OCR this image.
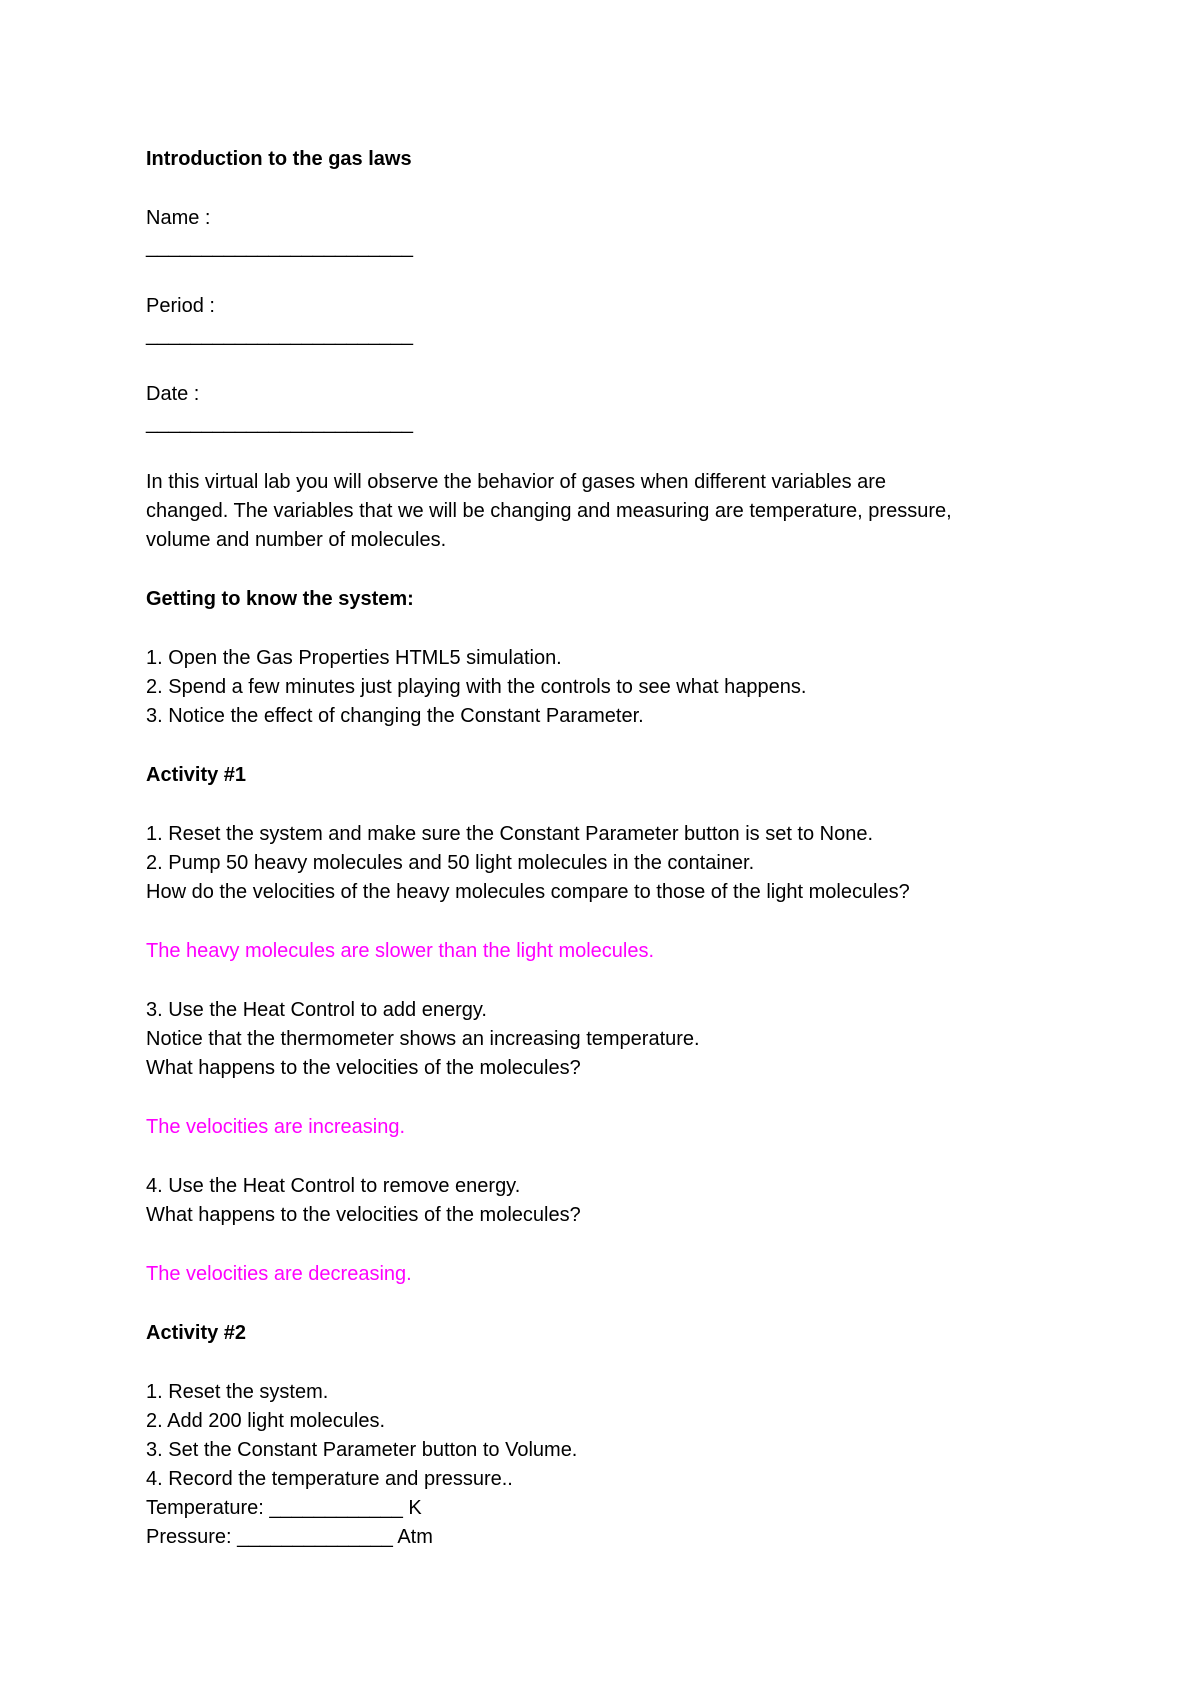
Introduction to the gas laws

Name :

________________________

Period :

________________________

Date :

________________________

In this virtual lab you will observe the behavior of gases when different variables are

changed. The variables that we will be changing and measuring are temperature, pressure,

volume and number of molecules.

Getting to know the system:

1. Open the Gas Properties HTML5 simulation.

2. Spend a few minutes just playing with the controls to see what happens.

3. Notice the effect of changing the Constant Parameter.

Activity #1

1. Reset the system and make sure the Constant Parameter button is set to None.

2. Pump 50 heavy molecules and 50 light molecules in the container.

How do the velocities of the heavy molecules compare to those of the light molecules?

The heavy molecules are slower than the light molecules.

3. Use the Heat Control to add energy.

Notice that the thermometer shows an increasing temperature.

What happens to the velocities of the molecules?

The velocities are increasing.

4. Use the Heat Control to remove energy.

What happens to the velocities of the molecules?

The velocities are decreasing.

Activity #2

1. Reset the system.

2. Add 200 light molecules.

3. Set the Constant Parameter button to Volume.

4. Record the temperature and pressure..

Temperature: ____________ K

Pressure: ______________ Atm
